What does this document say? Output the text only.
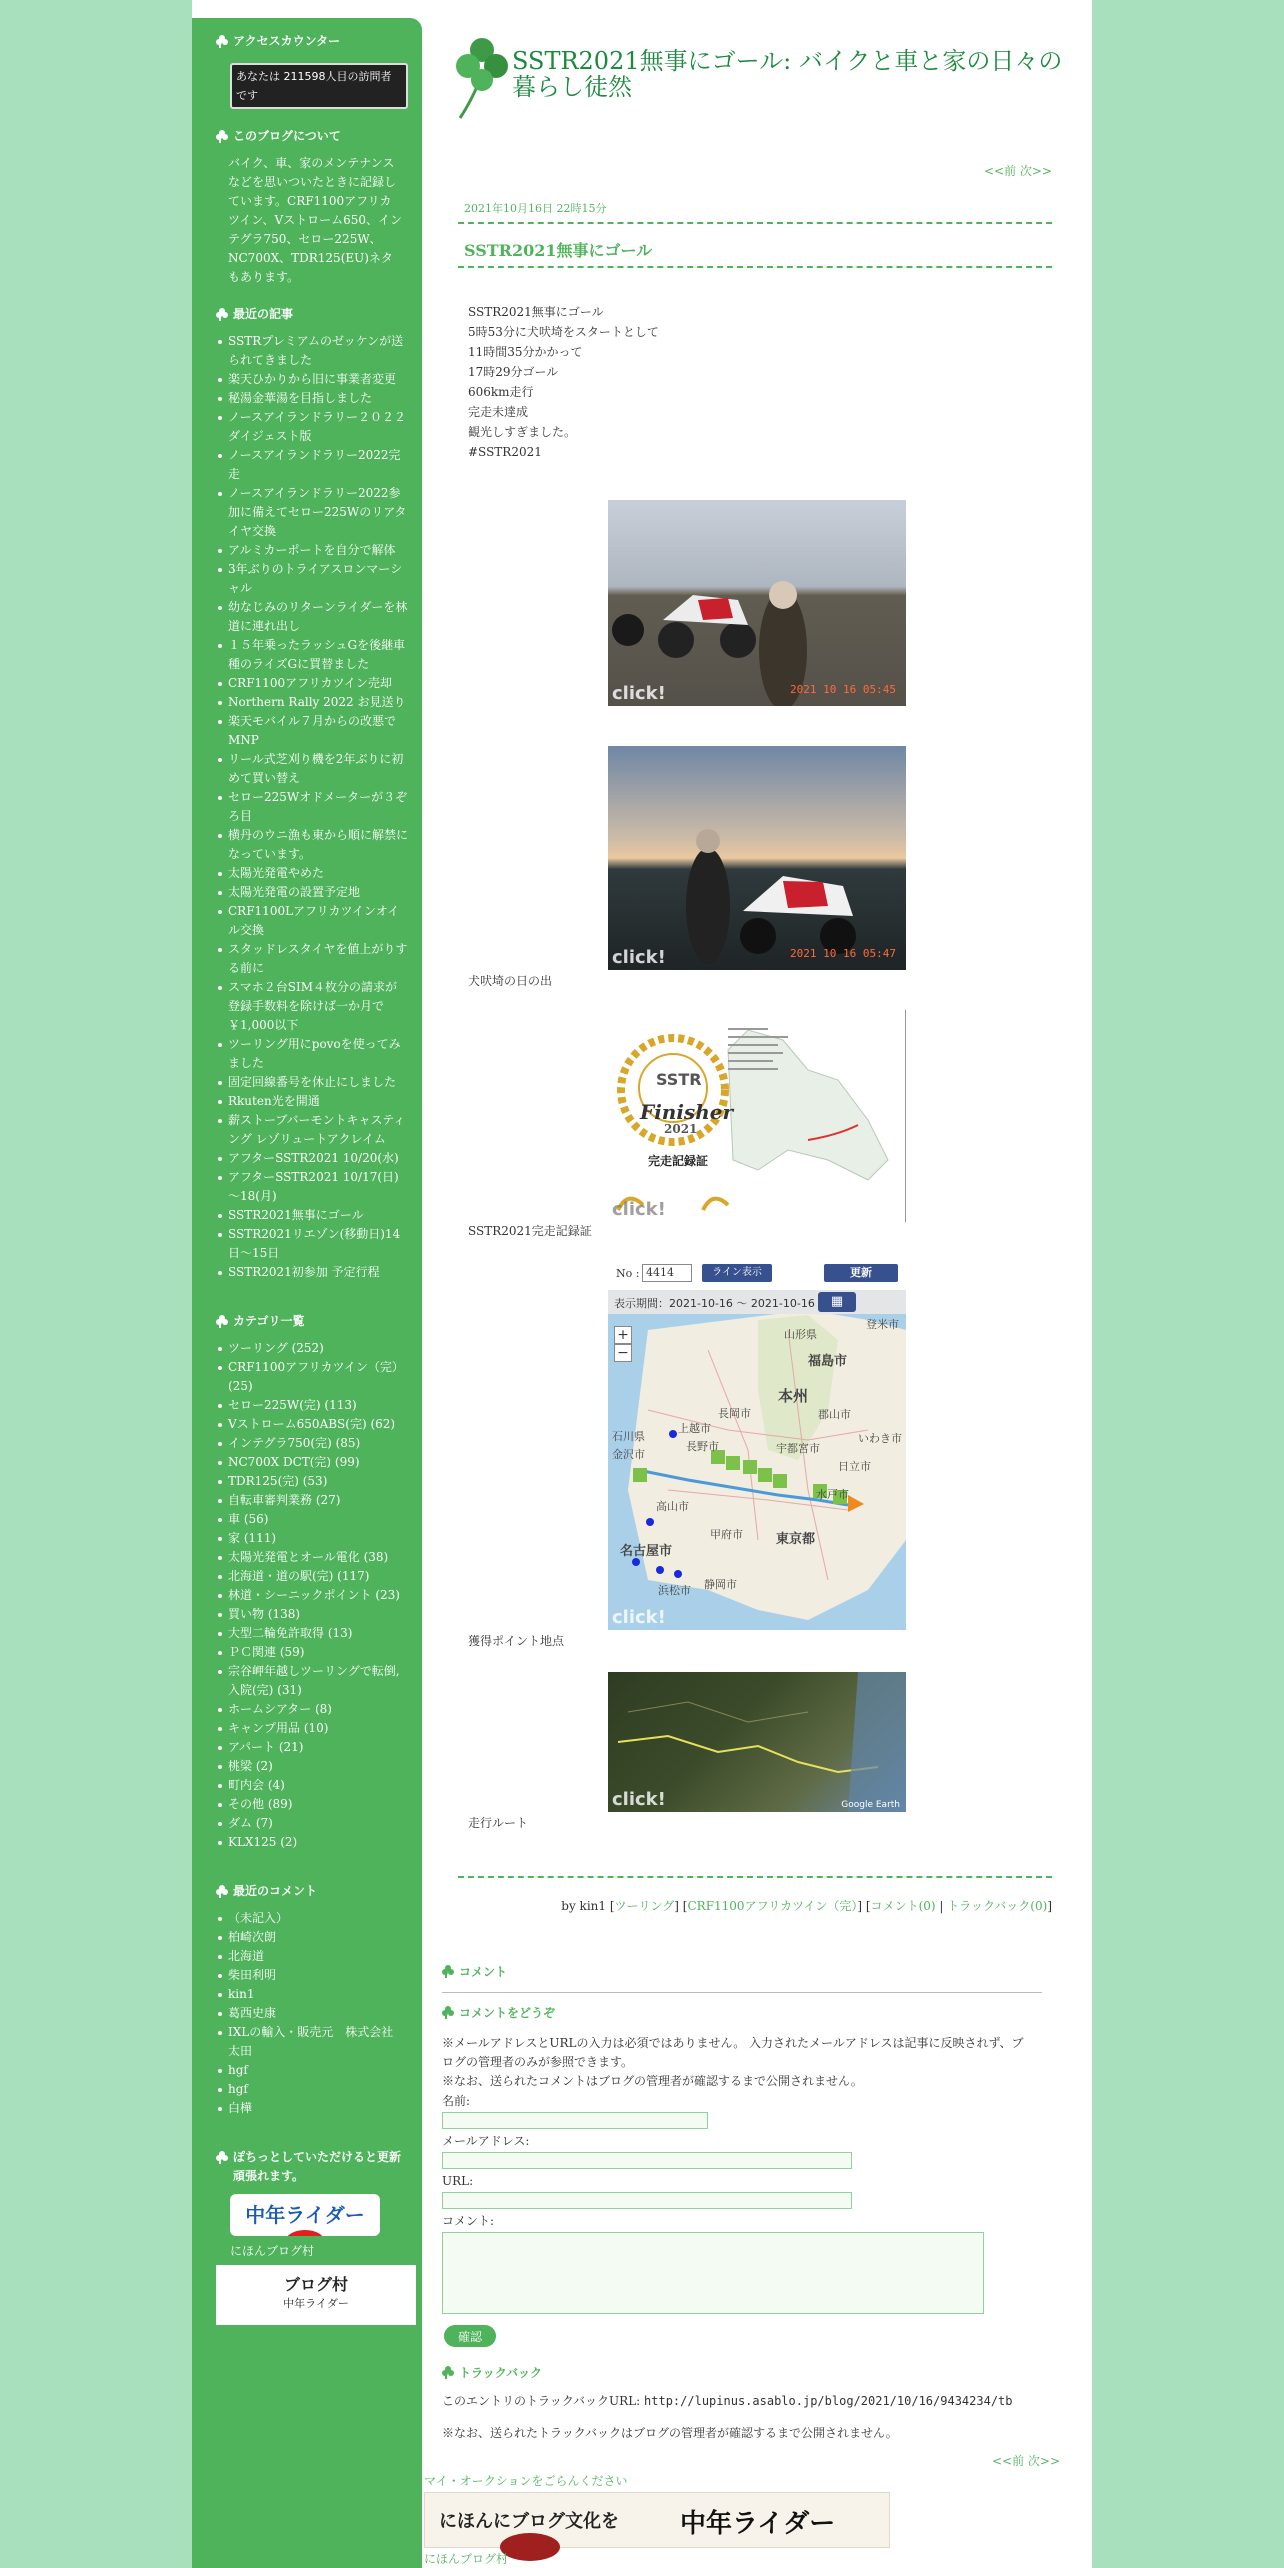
アクセスカウンター
あなたは 211598人目の訪問者です
このブログについて
バイク、車、家のメンテナンスなどを思いついたときに記録しています。CRF1100アフリカツイン、Vストローム650、インテグラ750、セロー225W、NC700X、TDR125(EU)ネタもあります。
最近の記事
SSTRプレミアムのゼッケンが送られてきました
楽天ひかりから旧に事業者変更
秘湯金華湯を目指しました
ノースアイランドラリー２０２２ダイジェスト版
ノースアイランドラリー2022完走
ノースアイランドラリー2022参加に備えてセロー225Wのリアタイヤ交換
アルミカーポートを自分で解体
3年ぶりのトライアスロンマーシャル
幼なじみのリターンライダーを林道に連れ出し
１５年乗ったラッシュGを後継車種のライズGに買替ました
CRF1100アフリカツイン売却
Northern Rally 2022 お見送り
楽天モバイル７月からの改悪でMNP
リール式芝刈り機を2年ぶりに初めて買い替え
セロー225Wオドメーターが３ぞろ目
横丹のウニ漁も東から順に解禁になっています。
太陽光発電やめた
太陽光発電の設置予定地
CRF1100Lアフリカツインオイル交換
スタッドレスタイヤを値上がりする前に
スマホ２台SIM４枚分の請求が登録手数料を除けば一か月で￥1,000以下
ツーリング用にpovoを使ってみました
固定回線番号を休止にしました
Rkuten光を開通
薪ストーブバーモントキャスティング レゾリュートアクレイム
アフターSSTR2021 10/20(水)
アフターSSTR2021 10/17(日)～18(月)
SSTR2021無事にゴール
SSTR2021リエゾン(移動日)14日〜15日
SSTR2021初参加 予定行程
カテゴリ一覧
ツーリング (252)
CRF1100アフリカツイン（完） (25)
セロー225W(完) (113)
Vストローム650ABS(完) (62)
インテグラ750(完) (85)
NC700X DCT(完) (99)
TDR125(完) (53)
自転車審判業務 (27)
車 (56)
家 (111)
太陽光発電とオール電化 (38)
北海道・道の駅(完) (117)
林道・シーニックポイント (23)
買い物 (138)
大型二輪免許取得 (13)
ＰＣ関連 (59)
宗谷岬年越しツーリングで転倒, 入院(完) (31)
ホームシアター (8)
キャンプ用品 (10)
アパート (21)
桃梁 (2)
町内会 (4)
その他 (89)
ダム (7)
KLX125 (2)
最近のコメント
（未記入）
柏崎次朗
北海道
柴田利明
kin1
葛西史康
IXLの輸入・販売元　株式会社　太田
hgf
hgf
白樺
ぽちっとしていただけると更新頑張れます。
中年ライダー
にほんブログ村
ブログ村
中年ライダー
SSTR2021無事にゴール: バイクと車と家の日々の暮らし徒然
<<前 次>>
2021年10月16日 22時15分
SSTR2021無事にゴール
SSTR2021無事にゴール
5時53分に犬吠埼をスタートとして
11時間35分かかって
17時29分ゴール
606km走行
完走未達成
観光しすぎました。
#SSTR2021
click!	2021 10 16 05:45
click!	2021 10 16 05:47
犬吠埼の日の出
SSTR
Finisher
2021
完走記録証
click!
SSTR2021完走記録証
No : 4414	ライン表示	更新
表示期間：2021-10-16 〜 2021-10-16	▦
+
−
福島市
本州
長岡市
上越市
いわき市
長野市	宇都宮市
日立市
水戸市
高山市
甲府市	東京都
名古屋市
浜松市 静岡市
石川県
金沢市
山形県
登米市
郡山市
click!
獲得ポイント地点
Google Earth
click!
走行ルート
by kin1 [ツーリング] [CRF1100アフリカツイン（完）] [コメント(0) | トラックバック(0)]
コメント
コメントをどうぞ
※メールアドレスとURLの入力は必須ではありません。 入力されたメールアドレスは記事に反映されず、ブログの管理者のみが参照できます。
※なお、送られたコメントはブログの管理者が確認するまで公開されません。
名前:
メールアドレス:
URL:
コメント:
確認
トラックバック
このエントリのトラックバックURL: http://lupinus.asablo.jp/blog/2021/10/16/9434234/tb
※なお、送られたトラックバックはブログの管理者が確認するまで公開されません。
<<前 次>>
マイ・オークションをごらんください
にほんにブログ文化を 中年ライダー
にほんブログ村
